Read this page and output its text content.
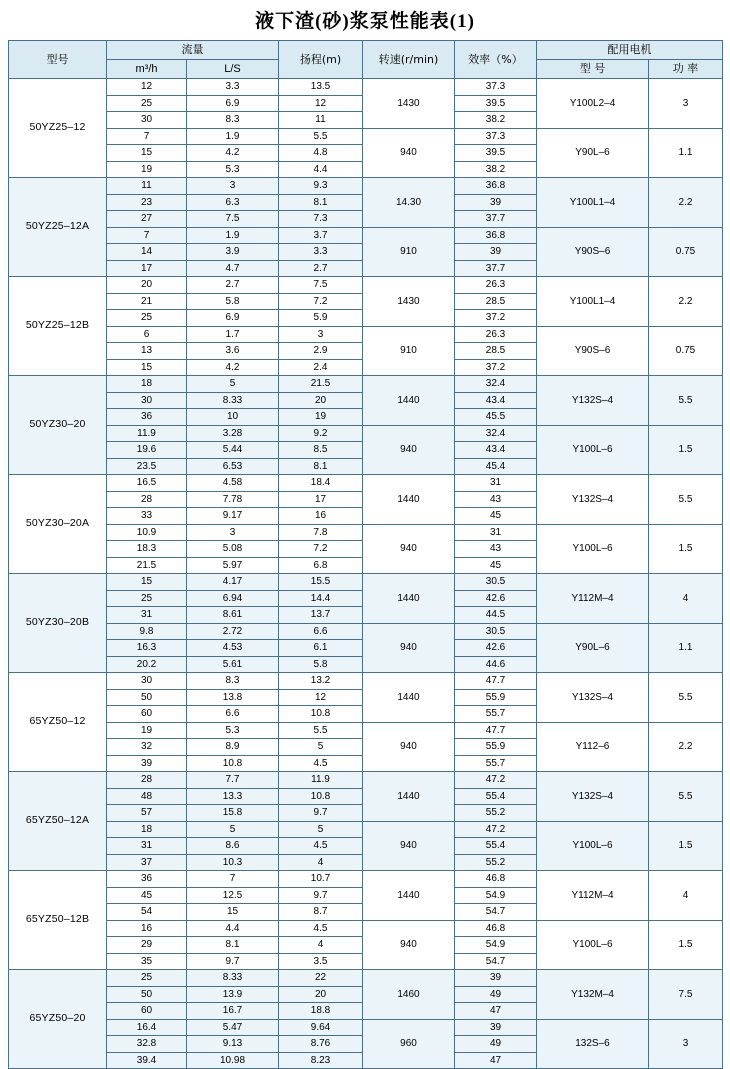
液下渣(砂)浆泵性能表(1)
型号	流量		扬程(m)	转速(r/min)	效率（%）	配用电机	
	m³/h	L/S				型 号	功 率
50YZ25–12	12	3.3	13.5	1430	37.3	Y100L2–4	3
	25	6.9	12		39.5		
	30	8.3	11		38.2		
	7	1.9	5.5	940	37.3	Y90L–6	1.1
	15	4.2	4.8		39.5		
	19	5.3	4.4		38.2		
50YZ25–12A	11	3	9.3	14.30	36.8	Y100L1–4	2.2
	23	6.3	8.1		39		
	27	7.5	7.3		37.7		
	7	1.9	3.7	910	36.8	Y90S–6	0.75
	14	3.9	3.3		39		
	17	4.7	2.7		37.7		
50YZ25–12B	20	2.7	7.5	1430	26.3	Y100L1–4	2.2
	21	5.8	7.2		28.5		
	25	6.9	5.9		37.2		
	6	1.7	3	910	26.3	Y90S–6	0.75
	13	3.6	2.9		28.5		
	15	4.2	2.4		37.2		
50YZ30–20	18	5	21.5	1440	32.4	Y132S–4	5.5
	30	8.33	20		43.4		
	36	10	19		45.5		
	11.9	3.28	9.2	940	32.4	Y100L–6	1.5
	19.6	5.44	8.5		43.4		
	23.5	6.53	8.1		45.4		
50YZ30–20A	16.5	4.58	18.4	1440	31	Y132S–4	5.5
	28	7.78	17		43		
	33	9.17	16		45		
	10.9	3	7.8	940	31	Y100L–6	1.5
	18.3	5.08	7.2		43		
	21.5	5.97	6.8		45		
50YZ30–20B	15	4.17	15.5	1440	30.5	Y112M–4	4
	25	6.94	14.4		42.6		
	31	8.61	13.7		44.5		
	9.8	2.72	6.6	940	30.5	Y90L–6	1.1
	16.3	4.53	6.1		42.6		
	20.2	5.61	5.8		44.6		
65YZ50–12	30	8.3	13.2	1440	47.7	Y132S–4	5.5
	50	13.8	12		55.9		
	60	6.6	10.8		55.7		
	19	5.3	5.5	940	47.7	Y112–6	2.2
	32	8.9	5		55.9		
	39	10.8	4.5		55.7		
65YZ50–12A	28	7.7	11.9	1440	47.2	Y132S–4	5.5
	48	13.3	10.8		55.4		
	57	15.8	9.7		55.2		
	18	5	5	940	47.2	Y100L–6	1.5
	31	8.6	4.5		55.4		
	37	10.3	4		55.2		
65YZ50–12B	36	7	10.7	1440	46.8	Y112M–4	4
	45	12.5	9.7		54.9		
	54	15	8.7		54.7		
	16	4.4	4.5	940	46.8	Y100L–6	1.5
	29	8.1	4		54.9		
	35	9.7	3.5		54.7		
65YZ50–20	25	8.33	22	1460	39	Y132M–4	7.5
	50	13.9	20		49		
	60	16.7	18.8		47		
	16.4	5.47	9.64	960	39	132S–6	3
	32.8	9.13	8.76		49		
	39.4	10.98	8.23		47		
